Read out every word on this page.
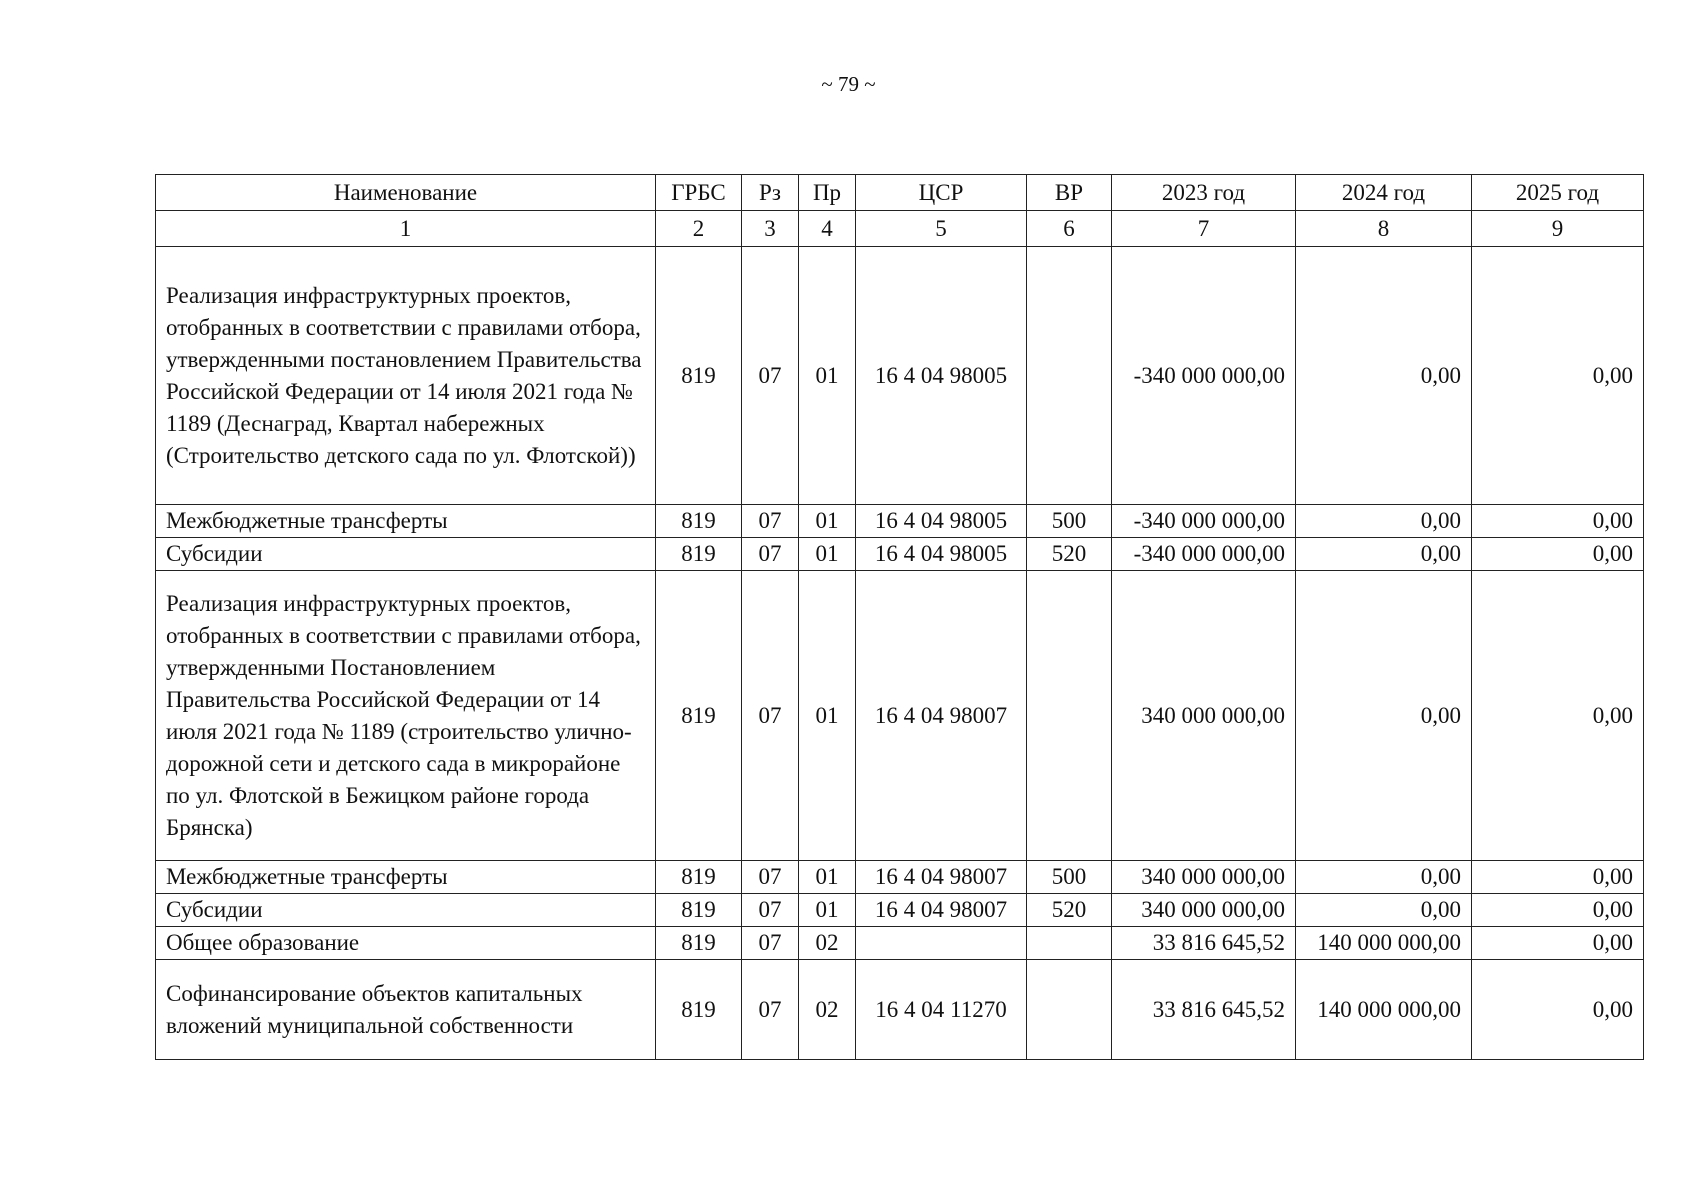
~ 79 ~
Наименование	ГРБС	Рз	Пр	ЦСР	ВР	2023 год	2024 год	2025 год
1	2	3	4	5	6	7	8	9
Реализация инфраструктурных проектов, отобранных в соответствии с правилами отбора, утвержденными постановлением Правительства Российской Федерации от 14 июля 2021 года № 1189 (Деснаград, Квартал набережных (Строительство детского сада по ул. Флотской))	819	07	01	16 4 04 98005		-340 000 000,00	0,00	0,00
Межбюджетные трансферты	819	07	01	16 4 04 98005	500	-340 000 000,00	0,00	0,00
Субсидии	819	07	01	16 4 04 98005	520	-340 000 000,00	0,00	0,00
Реализация инфраструктурных проектов, отобранных в соответствии с правилами отбора, утвержденными Постановлением Правительства Российской Федерации от 14 июля 2021 года № 1189 (строительство улично-дорожной сети и детского сада в микрорайоне по ул. Флотской в Бежицком районе города Брянска)	819	07	01	16 4 04 98007		340 000 000,00	0,00	0,00
Межбюджетные трансферты	819	07	01	16 4 04 98007	500	340 000 000,00	0,00	0,00
Субсидии	819	07	01	16 4 04 98007	520	340 000 000,00	0,00	0,00
Общее образование	819	07	02			33 816 645,52	140 000 000,00	0,00
Софинансирование объектов капитальных вложений муниципальной собственности	819	07	02	16 4 04 11270		33 816 645,52	140 000 000,00	0,00
